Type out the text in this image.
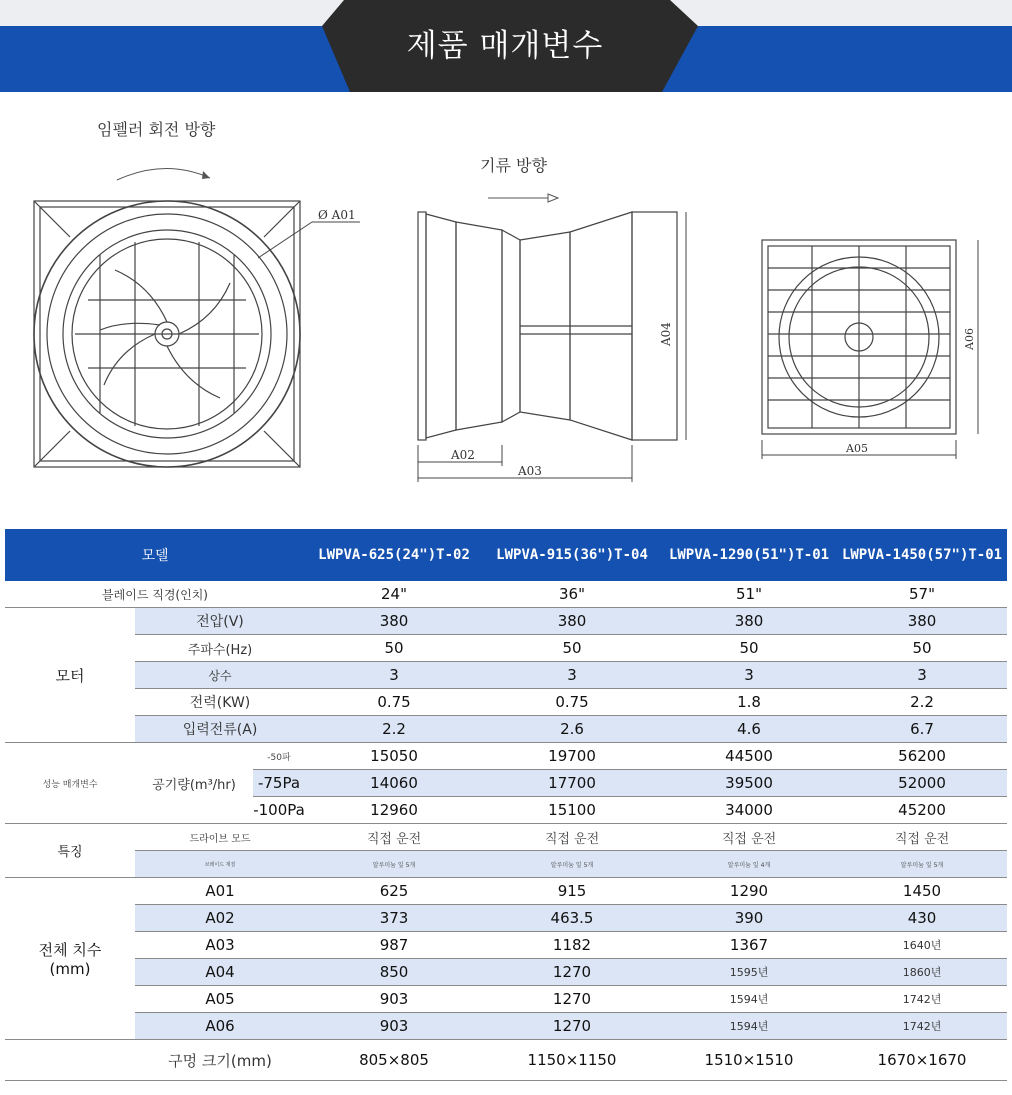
제품 매개변수
임펠러 회전 방향
기류 방향
Ø A01
A02
A03
A04
A05
A06
모델			LWPVA-625(24")T-02	LWPVA-915(36")T-04	LWPVA-1290(51")T-01	LWPVA-1450(57")T-01
블레이드 직경(인치)			24"	36"	51"	57"
모터	전압(V)		380	380	380	380
	주파수(Hz)		50	50	50	50
	상수		3	3	3	3
	전력(KW)		0.75	0.75	1.8	2.2
	입력전류(A)		2.2	2.6	4.6	6.7
성능 매개변수	공기량(m³/hr)	-50파	15050	19700	44500	56200
		-75Pa	14060	17700	39500	52000
		-100Pa	12960	15100	34000	45200
특징	드라이브 모드		직접 운전	직접 운전	직접 운전	직접 운전
	브레이드 재질		알루미늄 잎 5개	알루미늄 잎 5개	알루미늄 잎 4개	알루미늄 잎 5개

전체 치수
(mm)	A01		625	915	1290	1450
	A02		373	463.5	390	430
	A03		987	1182	1367	1640년
	A04		850	1270	1595년	1860년
	A05		903	1270	1594년	1742년
	A06		903	1270	1594년	1742년
	구멍 크기(mm)		805×805	1150×1150	1510×1510	1670×1670
